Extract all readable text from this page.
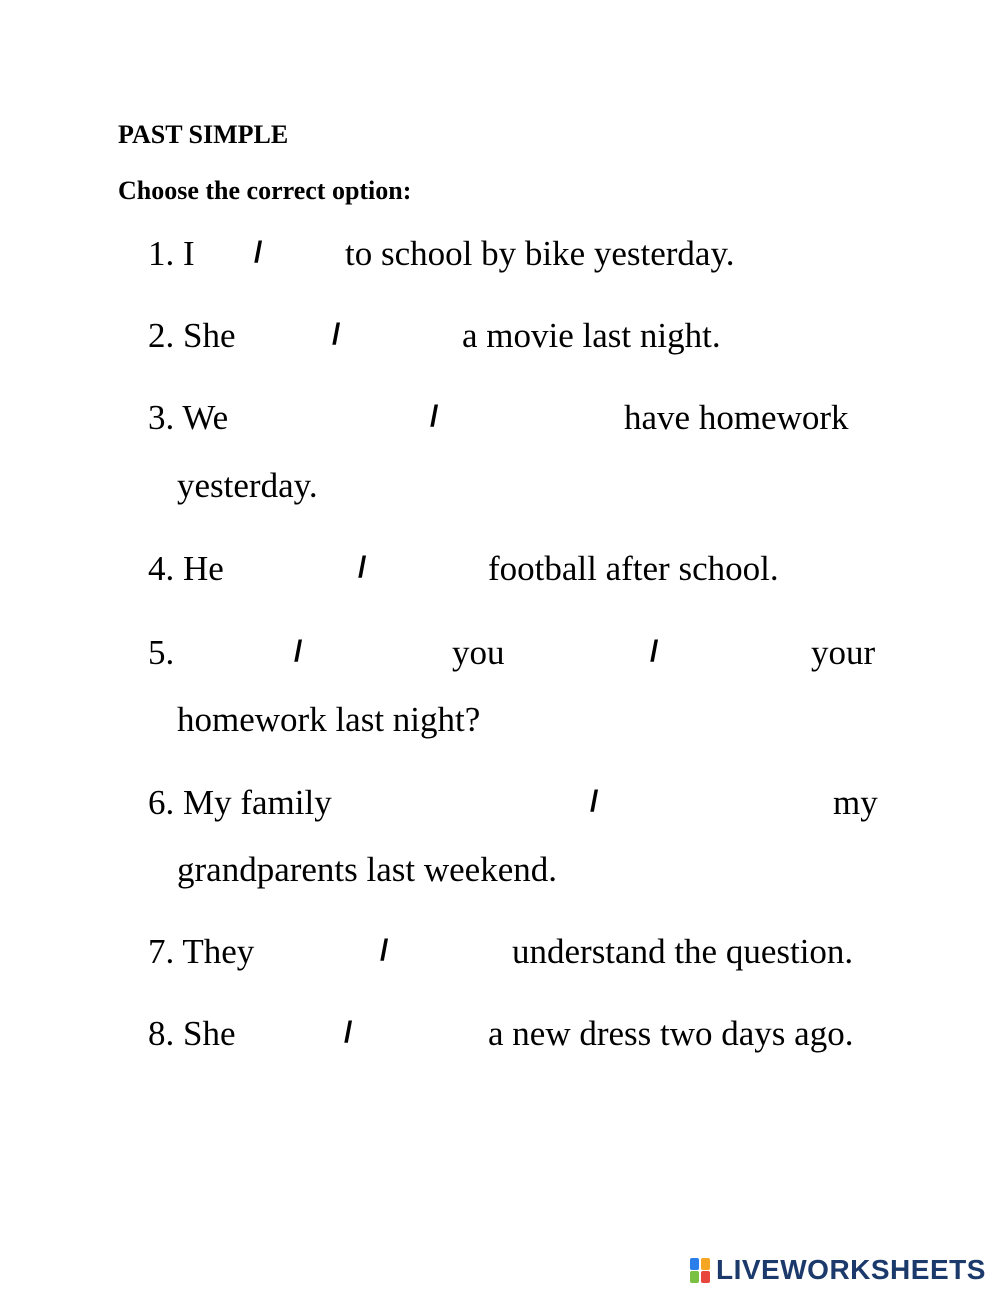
PAST SIMPLE
Choose the correct option:
1. I / to school by bike yesterday.
2. She	/	a movie last night.
3. We	/	have homework
yesterday.
4. He	/	football after school.
5.	/	you	/	your
homework last night?
6. My family	/	my
grandparents last weekend.
7. They	/	understand the question.
8. She	/	a new dress two days ago.
LIVEWORKSHEETS
